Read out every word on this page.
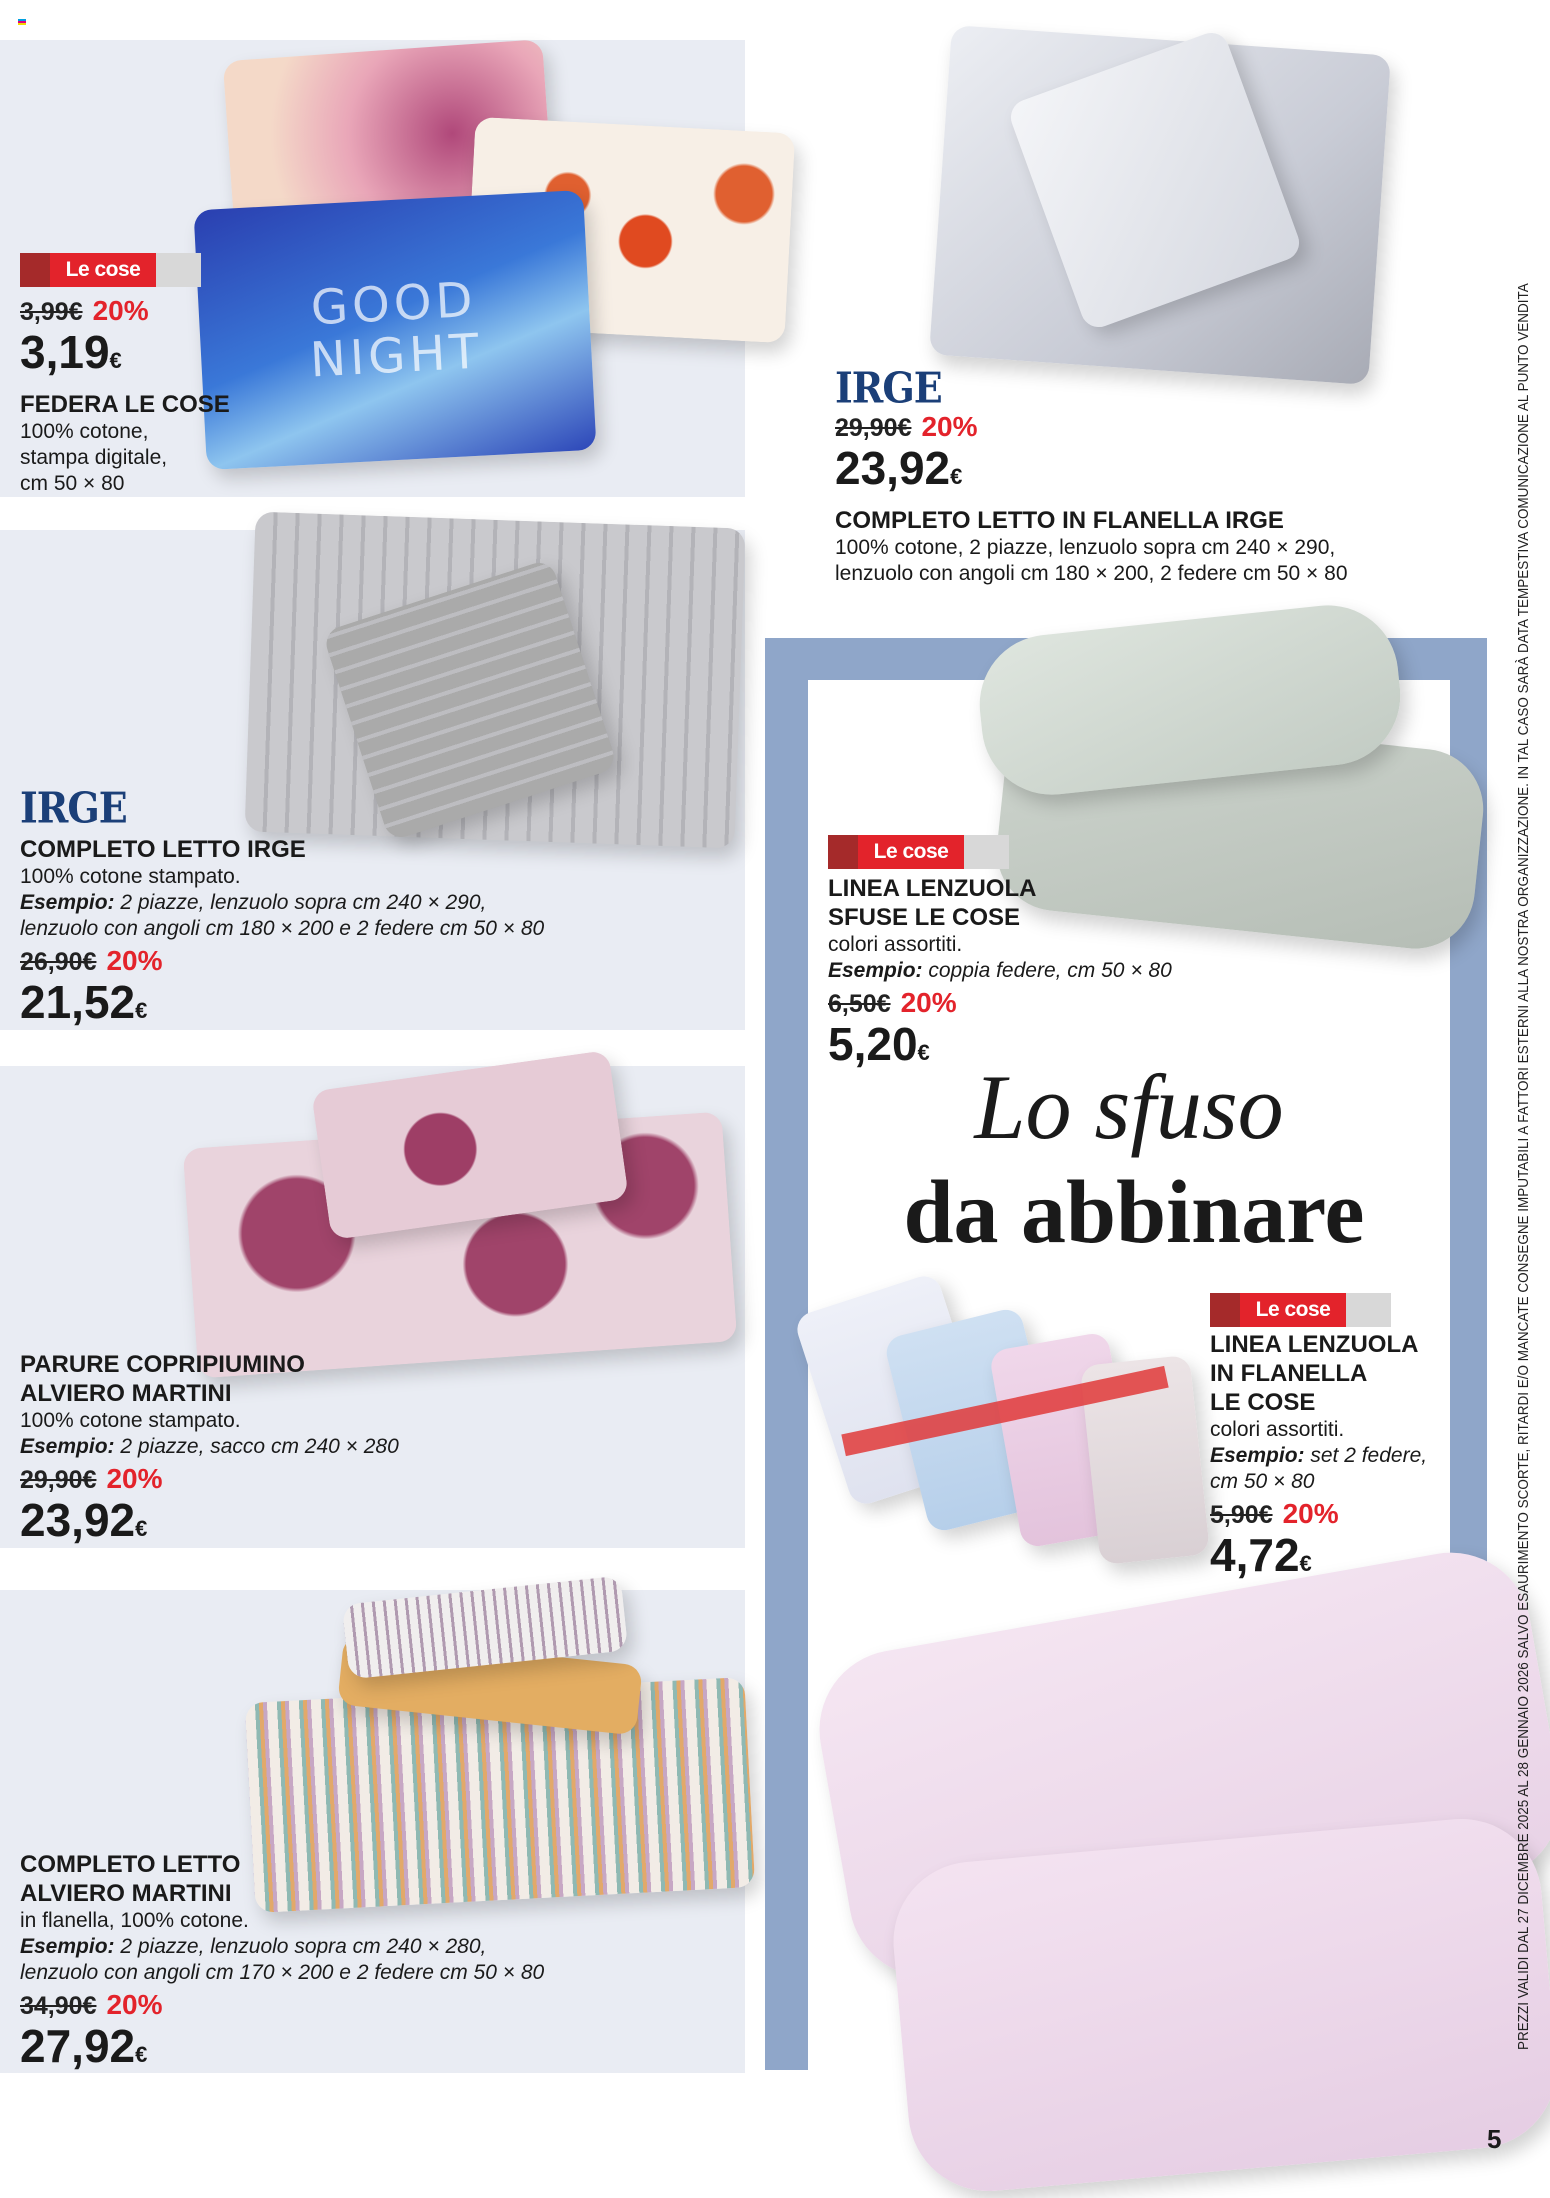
GOOD NIGHT
Le cose
3,99€ 20%
3,19€
FEDERA LE COSE
100% cotone,
stampa digitale,
cm 50 × 80
IRGE
29,90€ 20%
23,92€
COMPLETO LETTO IN FLANELLA IRGE
100% cotone, 2 piazze, lenzuolo sopra cm 240 × 290,
lenzuolo con angoli cm 180 × 200, 2 federe cm 50 × 80
IRGE
COMPLETO LETTO IRGE
100% cotone stampato.
Esempio: 2 piazze, lenzuolo sopra cm 240 × 290,
lenzuolo con angoli cm 180 × 200 e 2 federe cm 50 × 80
26,90€ 20%
21,52€
PARURE COPRIPIUMINO
ALVIERO MARTINI
100% cotone stampato.
Esempio: 2 piazze, sacco cm 240 × 280
29,90€ 20%
23,92€
COMPLETO LETTO
ALVIERO MARTINI
in flanella, 100% cotone.
Esempio: 2 piazze, lenzuolo sopra cm 240 × 280,
lenzuolo con angoli cm 170 × 200 e 2 federe cm 50 × 80
34,90€ 20%
27,92€
Le cose
LINEA LENZUOLA
SFUSE LE COSE
colori assortiti.
Esempio: coppia federe, cm 50 × 80
6,50€ 20%
5,20€
Lo sfuso
da abbinare
Le cose
LINEA LENZUOLA
IN FLANELLA
LE COSE
colori assortiti.
Esempio: set 2 federe,
cm 50 × 80
5,90€ 20%
4,72€	PREZZI VALIDI DAL 27 DICEMBRE 2025 AL 28 GENNAIO 2026 SALVO ESAURIMENTO SCORTE, RITARDI E/O MANCATE CONSEGNE IMPUTABILI A FATTORI ESTERNI ALLA NOSTRA ORGANIZZAZIONE. IN TAL CASO SARÀ DATA TEMPESTIVA COMUNICAZIONE AL PUNTO VENDITA
5
